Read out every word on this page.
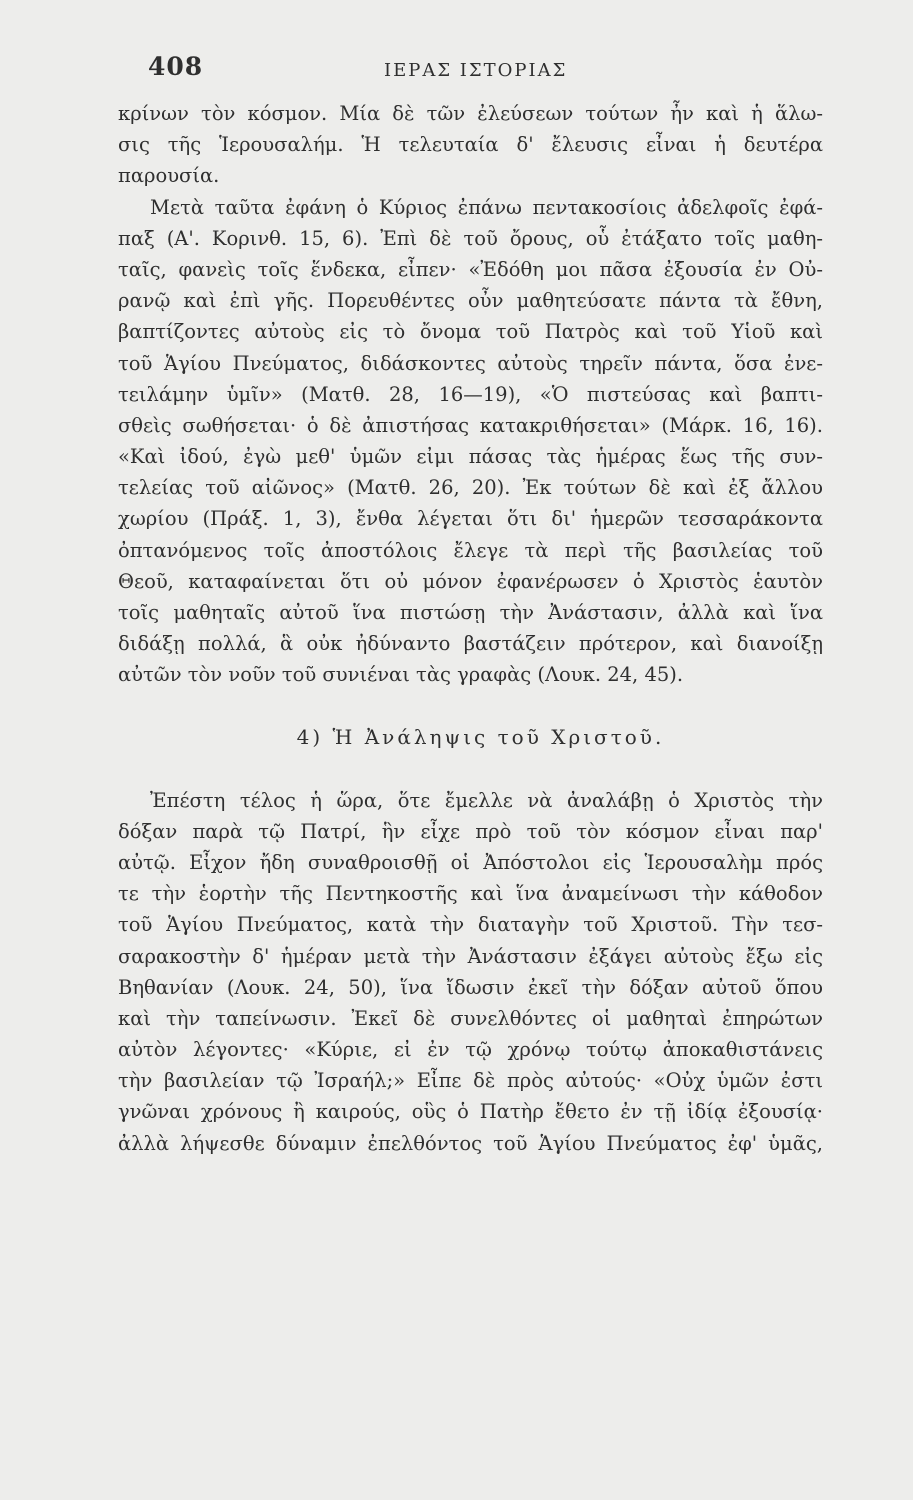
408	ΙΕΡΑΣ ΙΣΤΟΡΙΑΣ
κρίνων τὸν κόσμον. Μία δὲ τῶν ἐλεύσεων τούτων ἦν καὶ ἡ ἅλω-
σις τῆς Ἱερουσαλήμ. Ἡ τελευταία δ' ἔλευσις εἶναι ἡ δευτέρα
παρουσία.
Μετὰ ταῦτα ἐφάνη ὁ Κύριος ἐπάνω πεντακοσίοις ἀδελφοῖς ἐφά-
παξ (Α'. Κορινθ. 15, 6). Ἐπὶ δὲ τοῦ ὄρους, οὗ ἐτάξατο τοῖς μαθη-
ταῖς, φανεὶς τοῖς ἕνδεκα, εἶπεν· «Ἐδόθη μοι πᾶσα ἐξουσία ἐν Οὐ-
ρανῷ καὶ ἐπὶ γῆς. Πορευθέντες οὖν μαθητεύσατε πάντα τὰ ἔθνη,
βαπτίζοντες αὐτοὺς εἰς τὸ ὄνομα τοῦ Πατρὸς καὶ τοῦ Υἱοῦ καὶ
τοῦ Ἁγίου Πνεύματος, διδάσκοντες αὐτοὺς τηρεῖν πάντα, ὅσα ἐνε-
τειλάμην ὑμῖν» (Ματθ. 28, 16—19), «Ὁ πιστεύσας καὶ βαπτι-
σθεὶς σωθήσεται· ὁ δὲ ἀπιστήσας κατακριθήσεται» (Μάρκ. 16, 16).
«Καὶ ἰδού, ἐγὼ μεθ' ὑμῶν εἰμι πάσας τὰς ἡμέρας ἕως τῆς συν-
τελείας τοῦ αἰῶνος» (Ματθ. 26, 20). Ἐκ τούτων δὲ καὶ ἐξ ἄλλου
χωρίου (Πράξ. 1, 3), ἔνθα λέγεται ὅτι δι' ἡμερῶν τεσσαράκοντα
ὀπτανόμενος τοῖς ἀποστόλοις ἔλεγε τὰ περὶ τῆς βασιλείας τοῦ
Θεοῦ, καταφαίνεται ὅτι οὐ μόνον ἐφανέρωσεν ὁ Χριστὸς ἑαυτὸν
τοῖς μαθηταῖς αὐτοῦ ἵνα πιστώσῃ τὴν Ἀνάστασιν, ἀλλὰ καὶ ἵνα
διδάξῃ πολλά, ἃ οὐκ ἠδύναντο βαστάζειν πρότερον, καὶ διανοίξῃ
αὐτῶν τὸν νοῦν τοῦ συνιέναι τὰς γραφὰς (Λουκ. 24, 45).
4) Ἡ Ἀνάληψις τοῦ Χριστοῦ.
Ἐπέστη τέλος ἡ ὥρα, ὅτε ἔμελλε νὰ ἀναλάβῃ ὁ Χριστὸς τὴν
δόξαν παρὰ τῷ Πατρί, ἣν εἶχε πρὸ τοῦ τὸν κόσμον εἶναι παρ'
αὐτῷ. Εἶχον ἤδη συναθροισθῇ οἱ Ἀπόστολοι εἰς Ἱερουσαλὴμ πρός
τε τὴν ἑορτὴν τῆς Πεντηκοστῆς καὶ ἵνα ἀναμείνωσι τὴν κάθοδον
τοῦ Ἁγίου Πνεύματος, κατὰ τὴν διαταγὴν τοῦ Χριστοῦ. Τὴν τεσ-
σαρακοστὴν δ' ἡμέραν μετὰ τὴν Ἀνάστασιν ἐξάγει αὐτοὺς ἔξω εἰς
Βηθανίαν (Λουκ. 24, 50), ἵνα ἴδωσιν ἐκεῖ τὴν δόξαν αὐτοῦ ὅπου
καὶ τὴν ταπείνωσιν. Ἐκεῖ δὲ συνελθόντες οἱ μαθηταὶ ἐπηρώτων
αὐτὸν λέγοντες· «Κύριε, εἰ ἐν τῷ χρόνῳ τούτῳ ἀποκαθιστάνεις
τὴν βασιλείαν τῷ Ἰσραήλ;» Εἶπε δὲ πρὸς αὐτούς· «Οὐχ ὑμῶν ἐστι
γνῶναι χρόνους ἢ καιρούς, οὓς ὁ Πατὴρ ἔθετο ἐν τῇ ἰδίᾳ ἐξουσίᾳ·
ἀλλὰ λήψεσθε δύναμιν ἐπελθόντος τοῦ Ἁγίου Πνεύματος ἐφ' ὑμᾶς,
